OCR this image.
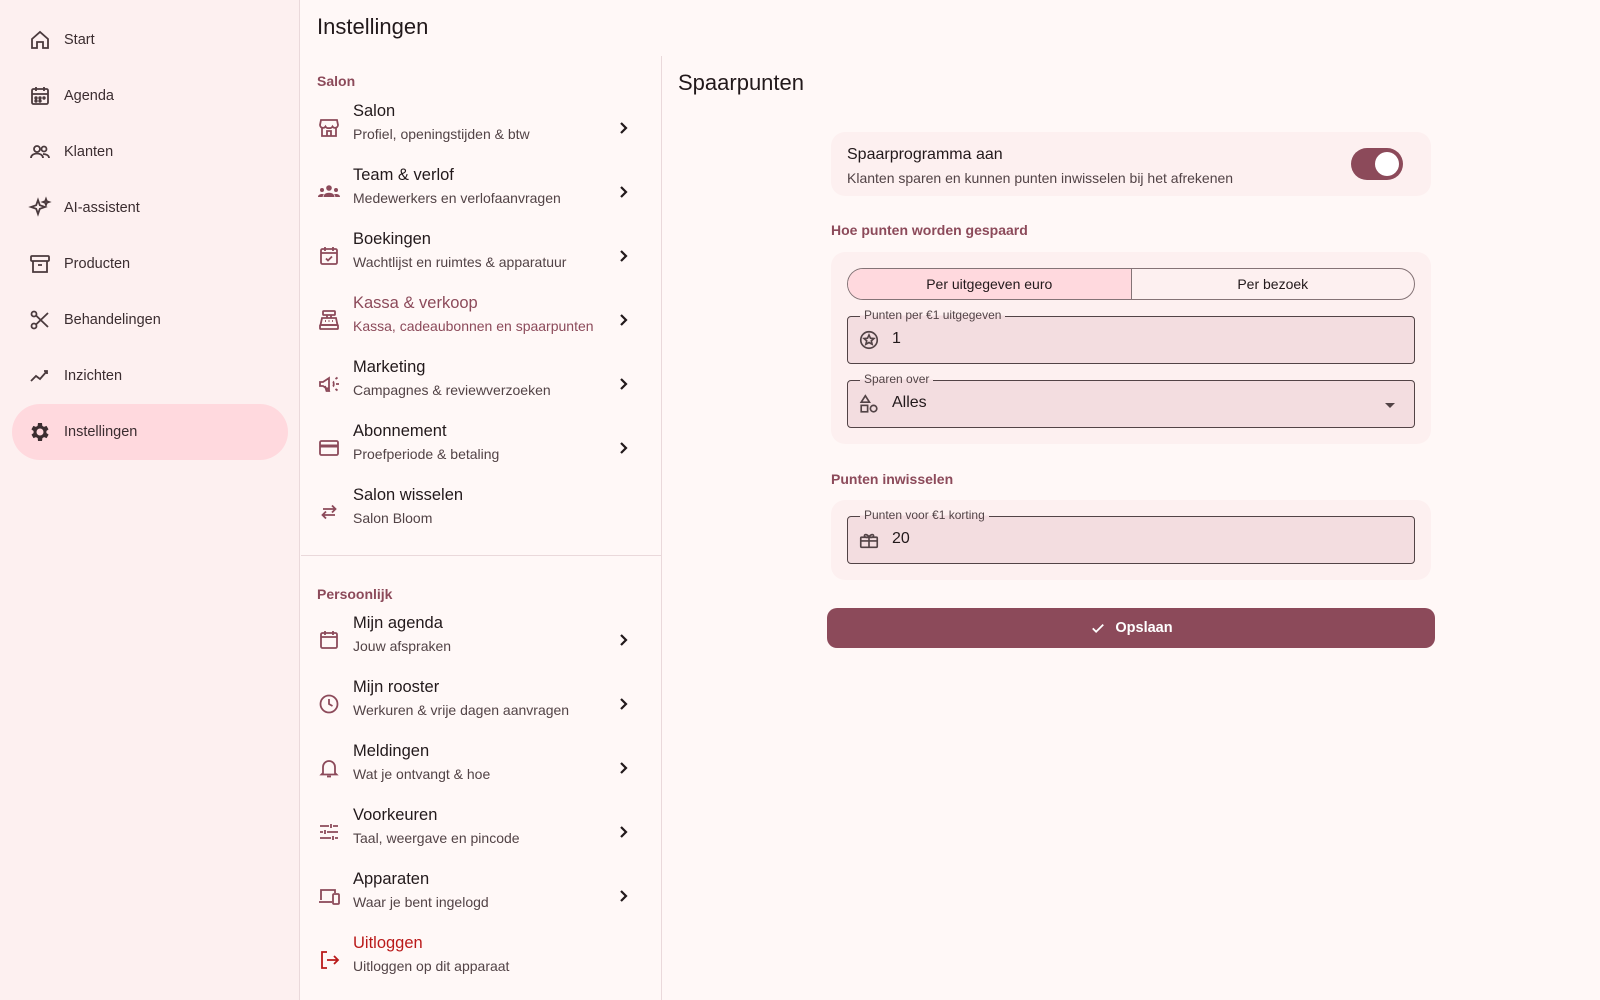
Start
Agenda
Klanten
AI-assistent
Producten
Behandelingen
Inzichten
Instellingen
Instellingen
Salon
Salon
Profiel, openingstijden & btw
Team & verlof
Medewerkers en verlofaanvragen
Boekingen
Wachtlijst en ruimtes & apparatuur
Kassa & verkoop
Kassa, cadeaubonnen en spaarpunten
Marketing
Campagnes & reviewverzoeken
Abonnement
Proefperiode & betaling
Salon wisselen
Salon Bloom
Persoonlijk
Mijn agenda
Jouw afspraken
Mijn rooster
Werkuren & vrije dagen aanvragen
Meldingen
Wat je ontvangt & hoe
Voorkeuren
Taal, weergave en pincode
Apparaten
Waar je bent ingelogd
Uitloggen
Uitloggen op dit apparaat
Spaarpunten
Spaarprogramma aan
Klanten sparen en kunnen punten inwisselen bij het afrekenen
Hoe punten worden gespaard
Per uitgegeven euro	Per bezoek
Punten per €1 uitgegeven
1
Sparen over
Alles
Punten inwisselen
Punten voor €1 korting
20
Opslaan
